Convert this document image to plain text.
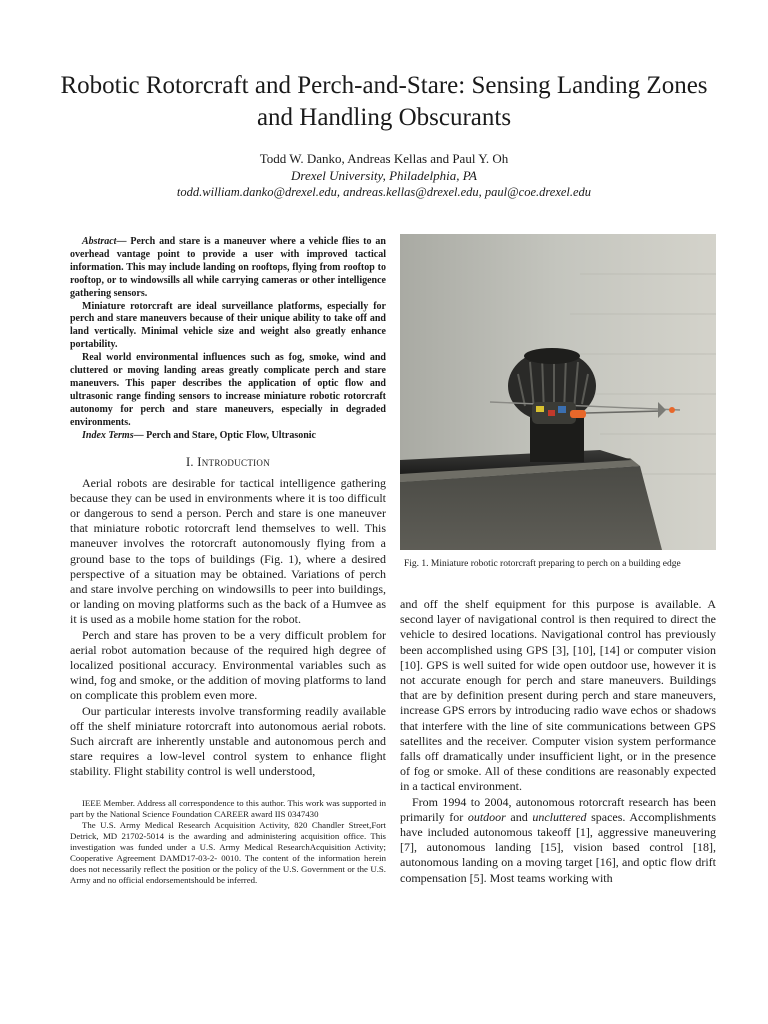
Robotic Rotorcraft and Perch-and-Stare: Sensing Landing Zones and Handling Obscurants
Todd W. Danko, Andreas Kellas and Paul Y. Oh
Drexel University, Philadelphia, PA
todd.william.danko@drexel.edu, andreas.kellas@drexel.edu, paul@coe.drexel.edu

Abstract— Perch and stare is a maneuver where a vehicle flies to an overhead vantage point to provide a user with improved tactical information. This may include landing on rooftops, flying from rooftop to rooftop, or to windowsills all while carrying cameras or other intelligence gathering sensors.

Miniature rotorcraft are ideal surveillance platforms, especially for perch and stare maneuvers because of their unique ability to take off and land vertically. Minimal vehicle size and weight also greatly enhance portability.

Real world environmental influences such as fog, smoke, wind and cluttered or moving landing areas greatly complicate perch and stare maneuvers. This paper describes the application of optic flow and ultrasonic range finding sensors to increase miniature robotic rotorcraft autonomy for perch and stare maneuvers, especially in degraded environments.

Index Terms— Perch and Stare, Optic Flow, Ultrasonic

I. Introduction

Aerial robots are desirable for tactical intelligence gathering because they can be used in environments where it is too difficult or dangerous to send a person. Perch and stare is one maneuver that miniature robotic rotorcraft lend themselves to well. This maneuver involves the rotorcraft autonomously flying from a ground base to the tops of buildings (Fig. 1), where a desired perspective of a situation may be obtained. Variations of perch and stare involve perching on windowsills to peer into buildings, or landing on moving platforms such as the back of a Humvee as it is used as a mobile home station for the robot.

Perch and stare has proven to be a very difficult problem for aerial robot automation because of the required high degree of localized positional accuracy. Environmental variables such as wind, fog and smoke, or the addition of moving platforms to land on complicate this problem even more.

Our particular interests involve transforming readily available off the shelf miniature rotorcraft into autonomous aerial robots. Such aircraft are inherently unstable and autonomous perch and stare requires a low-level control system to enhance flight stability. Flight stability control is well understood,

IEEE Member. Address all correspondence to this author. This work was supported in part by the National Science Foundation CAREER award IIS 0347430

The U.S. Army Medical Research Acquisition Activity, 820 Chandler Street,Fort Detrick, MD 21702-5014 is the awarding and administering acquisition office. This investigation was funded under a U.S. Army Medical ResearchAcquisition Activity; Cooperative Agreement DAMD17-03-2- 0010. The content of the information herein does not necessarily reflect the position or the policy of the U.S. Government or the U.S. Army and no official endorsementshould be inferred.

Fig. 1. Miniature robotic rotorcraft preparing to perch on a building edge

and off the shelf equipment for this purpose is available. A second layer of navigational control is then required to direct the vehicle to desired locations. Navigational control has previously been accomplished using GPS [3], [10], [14] or computer vision [10]. GPS is well suited for wide open outdoor use, however it is not accurate enough for perch and stare maneuvers. Buildings that are by definition present during perch and stare maneuvers, increase GPS errors by introducing radio wave echos or shadows that interfere with the line of site communications between GPS satellites and the receiver. Computer vision system performance falls off dramatically under insufficient light, or in the presence of fog or smoke. All of these conditions are reasonably expected in a tactical environment.

From 1994 to 2004, autonomous rotorcraft research has been primarily for outdoor and uncluttered spaces. Accomplishments have included autonomous takeoff [1], aggressive maneuvering [7], autonomous landing [15], vision based control [18], autonomous landing on a moving target [16], and optic flow drift compensation [5]. Most teams working with
